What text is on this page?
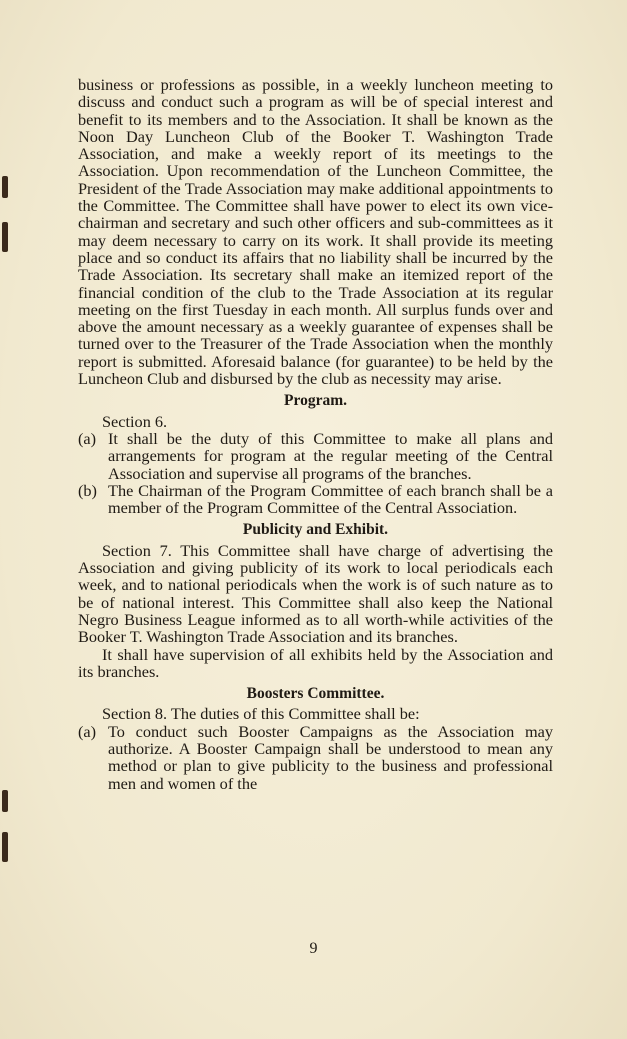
business or professions as possible, in a weekly luncheon meeting to discuss and conduct such a program as will be of special interest and benefit to its members and to the Association. It shall be known as the Noon Day Luncheon Club of the Booker T. Washington Trade Association, and make a weekly report of its meetings to the Association. Upon recommendation of the Luncheon Committee, the President of the Trade Association may make additional appointments to the Committee. The Committee shall have power to elect its own vice-chairman and secretary and such other officers and sub-committees as it may deem necessary to carry on its work. It shall provide its meeting place and so conduct its affairs that no liability shall be incurred by the Trade Association. Its secretary shall make an itemized report of the financial condition of the club to the Trade Association at its regular meeting on the first Tuesday in each month. All surplus funds over and above the amount necessary as a weekly guarantee of expenses shall be turned over to the Treasurer of the Trade Association when the monthly report is submitted. Aforesaid balance (for guarantee) to be held by the Luncheon Club and disbursed by the club as necessity may arise.

Program.

Section 6.

(a) It shall be the duty of this Committee to make all plans and arrangements for program at the regular meeting of the Central Association and supervise all programs of the branches.
(b) The Chairman of the Program Committee of each branch shall be a member of the Program Committee of the Central Association.
Publicity and Exhibit.

Section 7. This Committee shall have charge of advertising the Association and giving publicity of its work to local periodicals each week, and to national periodicals when the work is of such nature as to be of national interest. This Committee shall also keep the National Negro Business League informed as to all worth-while activities of the Booker T. Washington Trade Association and its branches.

It shall have supervision of all exhibits held by the Association and its branches.

Boosters Committee.

Section 8. The duties of this Committee shall be:

(a) To conduct such Booster Campaigns as the Association may authorize. A Booster Campaign shall be understood to mean any method or plan to give publicity to the business and professional men and women of the
9
